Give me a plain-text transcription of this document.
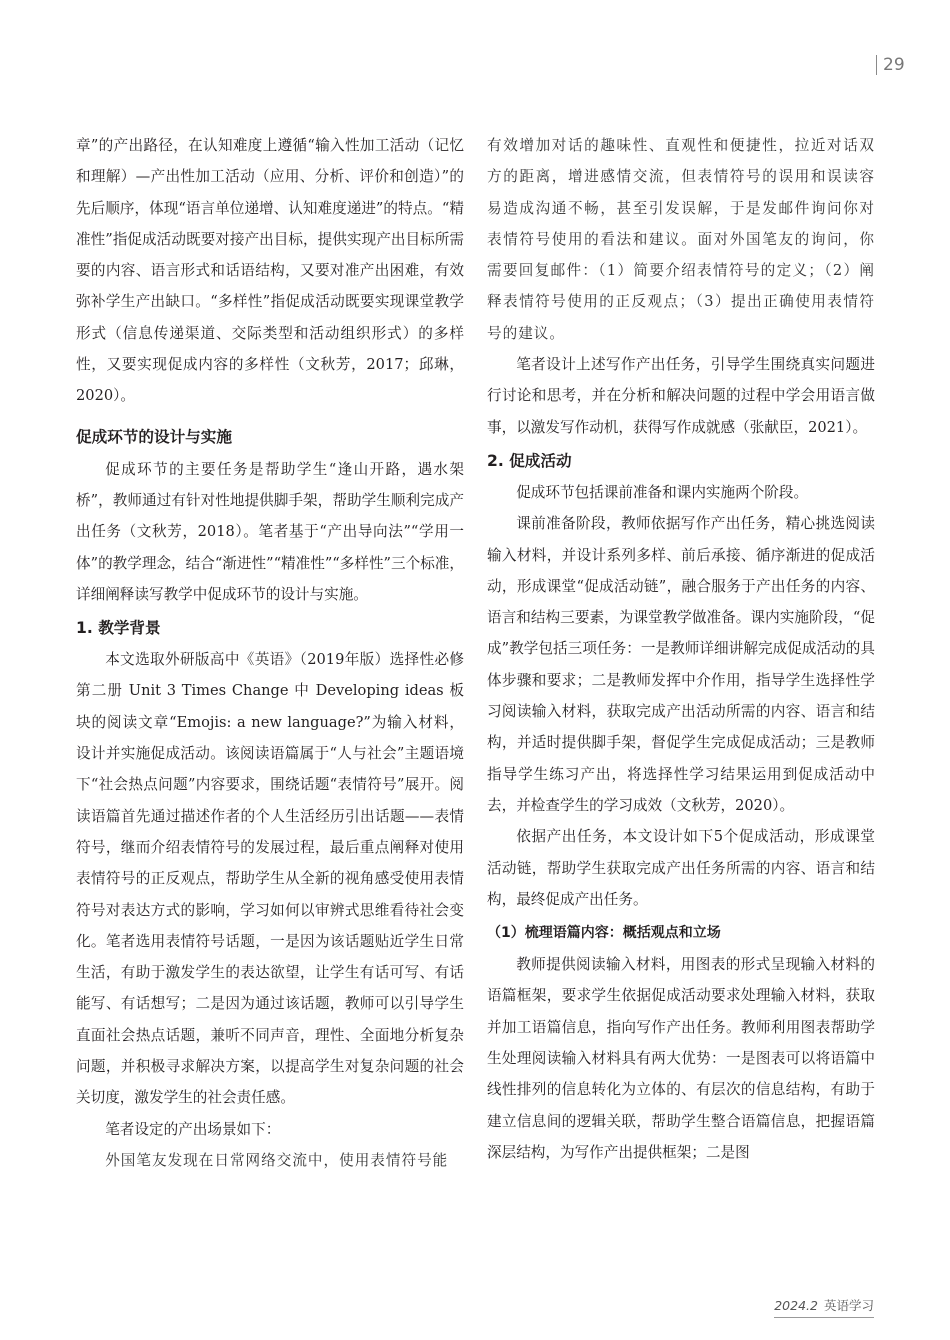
29

章”的产出路径，在认知难度上遵循“输入性加工活动（记忆和理解）—产出性加工活动（应用、分析、评价和创造）”的先后顺序，体现“语言单位递增、认知难度递进”的特点。“精准性”指促成活动既要对接产出目标，提供实现产出目标所需要的内容、语言形式和话语结构，又要对准产出困难，有效弥补学生产出缺口。“多样性”指促成活动既要实现课堂教学形式（信息传递渠道、交际类型和活动组织形式）的多样性，又要实现促成内容的多样性（文秋芳，2017；邱琳，2020）。

促成环节的设计与实施

促成环节的主要任务是帮助学生“逢山开路，遇水架桥”，教师通过有针对性地提供脚手架，帮助学生顺利完成产出任务（文秋芳，2018）。笔者基于“产出导向法”“学用一体”的教学理念，结合“渐进性”“精准性”“多样性”三个标准，详细阐释读写教学中促成环节的设计与实施。

1. 教学背景

本文选取外研版高中《英语》（2019年版）选择性必修第二册 Unit 3 Times Change 中 Developing ideas 板块的阅读文章“Emojis: a new language?”为输入材料，设计并实施促成活动。该阅读语篇属于“人与社会”主题语境下“社会热点问题”内容要求，围绕话题“表情符号”展开。阅读语篇首先通过描述作者的个人生活经历引出话题——表情符号，继而介绍表情符号的发展过程，最后重点阐释对使用表情符号的正反观点，帮助学生从全新的视角感受使用表情符号对表达方式的影响，学习如何以审辨式思维看待社会变化。笔者选用表情符号话题，一是因为该话题贴近学生日常生活，有助于激发学生的表达欲望，让学生有话可写、有话能写、有话想写；二是因为通过该话题，教师可以引导学生直面社会热点话题，兼听不同声音，理性、全面地分析复杂问题，并积极寻求解决方案，以提高学生对复杂问题的社会关切度，激发学生的社会责任感。

笔者设定的产出场景如下：

外国笔友发现在日常网络交流中，使用表情符号能

有效增加对话的趣味性、直观性和便捷性，拉近对话双方的距离，增进感情交流，但表情符号的误用和误读容易造成沟通不畅，甚至引发误解，于是发邮件询问你对表情符号使用的看法和建议。面对外国笔友的询问，你需要回复邮件：（1）简要介绍表情符号的定义；（2）阐释表情符号使用的正反观点；（3）提出正确使用表情符号的建议。

笔者设计上述写作产出任务，引导学生围绕真实问题进行讨论和思考，并在分析和解决问题的过程中学会用语言做事，以激发写作动机，获得写作成就感（张献臣，2021）。

2. 促成活动

促成环节包括课前准备和课内实施两个阶段。

课前准备阶段，教师依据写作产出任务，精心挑选阅读输入材料，并设计系列多样、前后承接、循序渐进的促成活动，形成课堂“促成活动链”，融合服务于产出任务的内容、语言和结构三要素，为课堂教学做准备。课内实施阶段，“促成”教学包括三项任务：一是教师详细讲解完成促成活动的具体步骤和要求；二是教师发挥中介作用，指导学生选择性学习阅读输入材料，获取完成产出活动所需的内容、语言和结构，并适时提供脚手架，督促学生完成促成活动；三是教师指导学生练习产出，将选择性学习结果运用到促成活动中去，并检查学生的学习成效（文秋芳，2020）。

依据产出任务，本文设计如下5个促成活动，形成课堂活动链，帮助学生获取完成产出任务所需的内容、语言和结构，最终促成产出任务。

（1）梳理语篇内容：概括观点和立场

教师提供阅读输入材料，用图表的形式呈现输入材料的语篇框架，要求学生依据促成活动要求处理输入材料，获取并加工语篇信息，指向写作产出任务。教师利用图表帮助学生处理阅读输入材料具有两大优势：一是图表可以将语篇中线性排列的信息转化为立体的、有层次的信息结构，有助于建立信息间的逻辑关联，帮助学生整合语篇信息，把握语篇深层结构，为写作产出提供框架；二是图

2024.2 英语学习
